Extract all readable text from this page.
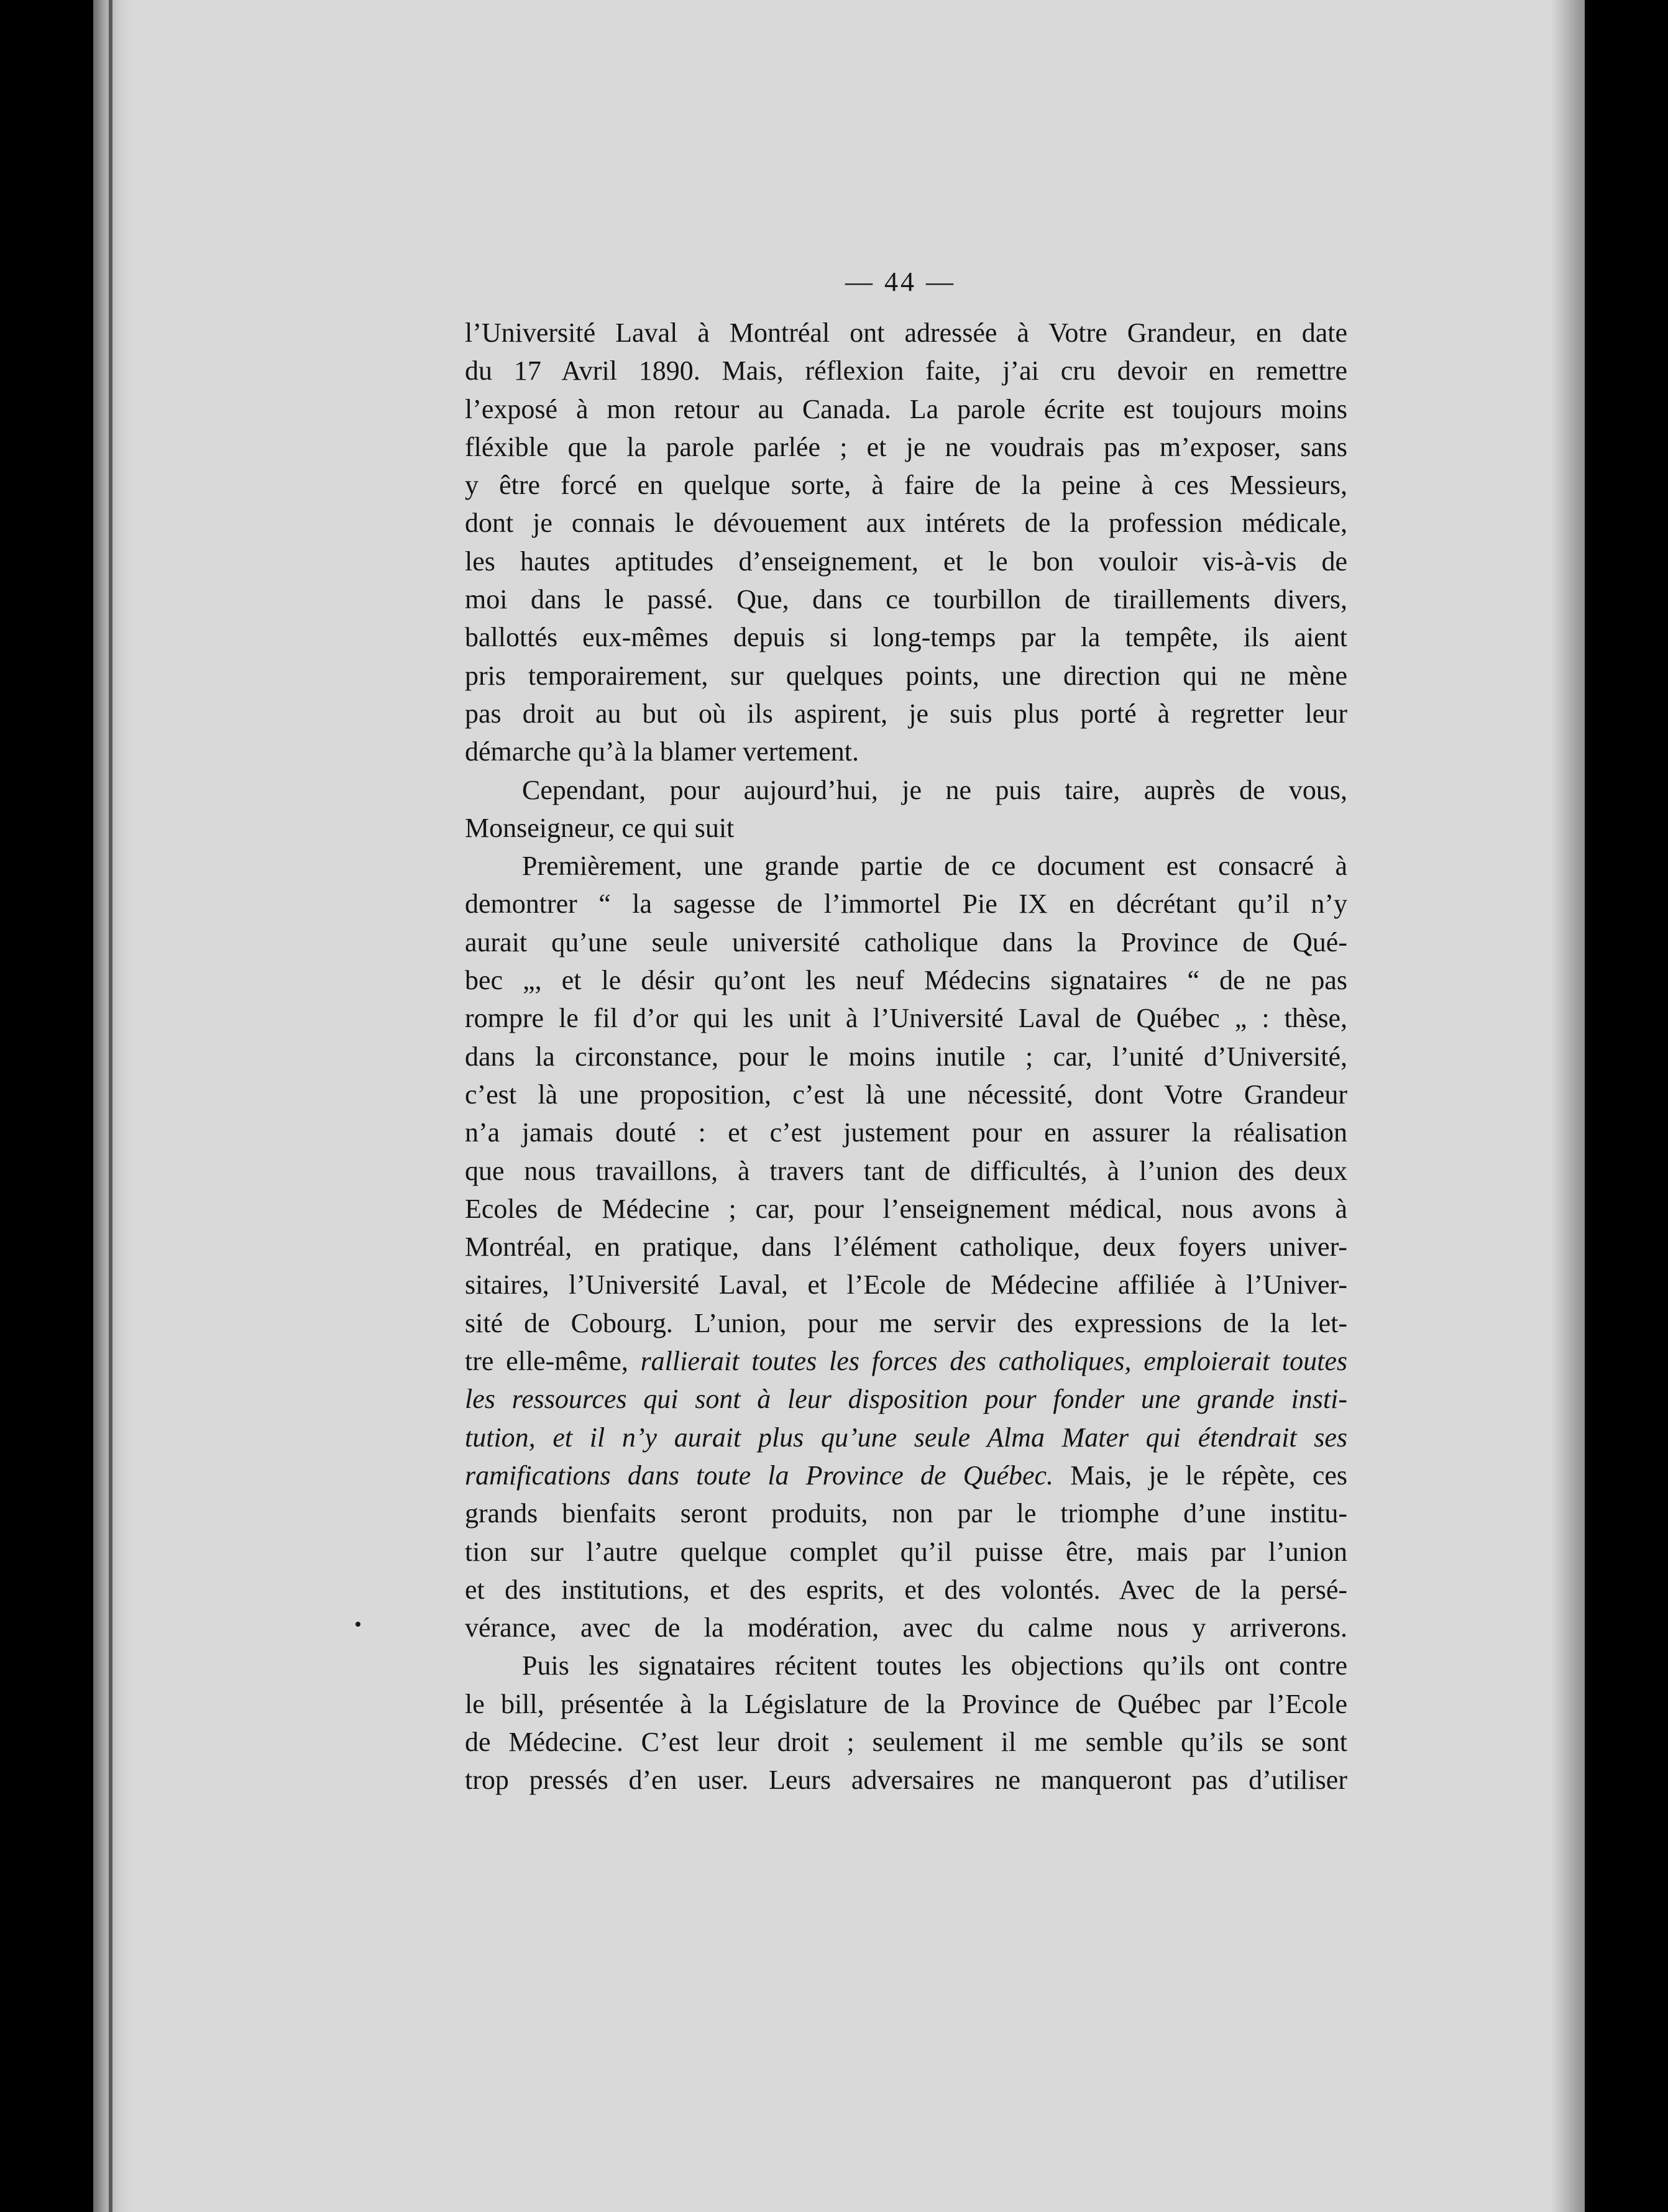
— 44 —
l’Université Laval à Montréal ont adressée à Votre Grandeur, en date
du 17 Avril 1890. Mais, réflexion faite, j’ai cru devoir en remettre
l’exposé à mon retour au Canada. La parole écrite est toujours moins
fléxible que la parole parlée ; et je ne voudrais pas m’exposer, sans
y être forcé en quelque sorte, à faire de la peine à ces Messieurs,
dont je connais le dévouement aux intérets de la profession médicale,
les hautes aptitudes d’enseignement, et le bon vouloir vis-à-vis de
moi dans le passé. Que, dans ce tourbillon de tiraillements divers,
ballottés eux-mêmes depuis si long-temps par la tempête, ils aient
pris temporairement, sur quelques points, une direction qui ne mène
pas droit au but où ils aspirent, je suis plus porté à regretter leur
démarche qu’à la blamer vertement.
Cependant, pour aujourd’hui, je ne puis taire, auprès de vous,
Monseigneur, ce qui suit
Premièrement, une grande partie de ce document est consacré à
demontrer “ la sagesse de l’immortel Pie IX en décrétant qu’il n’y
aurait qu’une seule université catholique dans la Province de Qué-
bec „, et le désir qu’ont les neuf Médecins signataires “ de ne pas
rompre le fil d’or qui les unit à l’Université Laval de Québec „ : thèse,
dans la circonstance, pour le moins inutile ; car, l’unité d’Université,
c’est là une proposition, c’est là une nécessité, dont Votre Grandeur
n’a jamais douté : et c’est justement pour en assurer la réalisation
que nous travaillons, à travers tant de difficultés, à l’union des deux
Ecoles de Médecine ; car, pour l’enseignement médical, nous avons à
Montréal, en pratique, dans l’élément catholique, deux foyers univer-
sitaires, l’Université Laval, et l’Ecole de Médecine affiliée à l’Univer-
sité de Cobourg. L’union, pour me servir des expressions de la let-
tre elle-même, rallierait toutes les forces des catholiques, emploierait toutes
les ressources qui sont à leur disposition pour fonder une grande insti-
tution, et il n’y aurait plus qu’une seule Alma Mater qui étendrait ses
ramifications dans toute la Province de Québec. Mais, je le répète, ces
grands bienfaits seront produits, non par le triomphe d’une institu-
tion sur l’autre quelque complet qu’il puisse être, mais par l’union
et des institutions, et des esprits, et des volontés. Avec de la persé-
vérance, avec de la modération, avec du calme nous y arriverons.
Puis les signataires récitent toutes les objections qu’ils ont contre
le bill, présentée à la Législature de la Province de Québec par l’Ecole
de Médecine. C’est leur droit ; seulement il me semble qu’ils se sont
trop pressés d’en user. Leurs adversaires ne manqueront pas d’utiliser
